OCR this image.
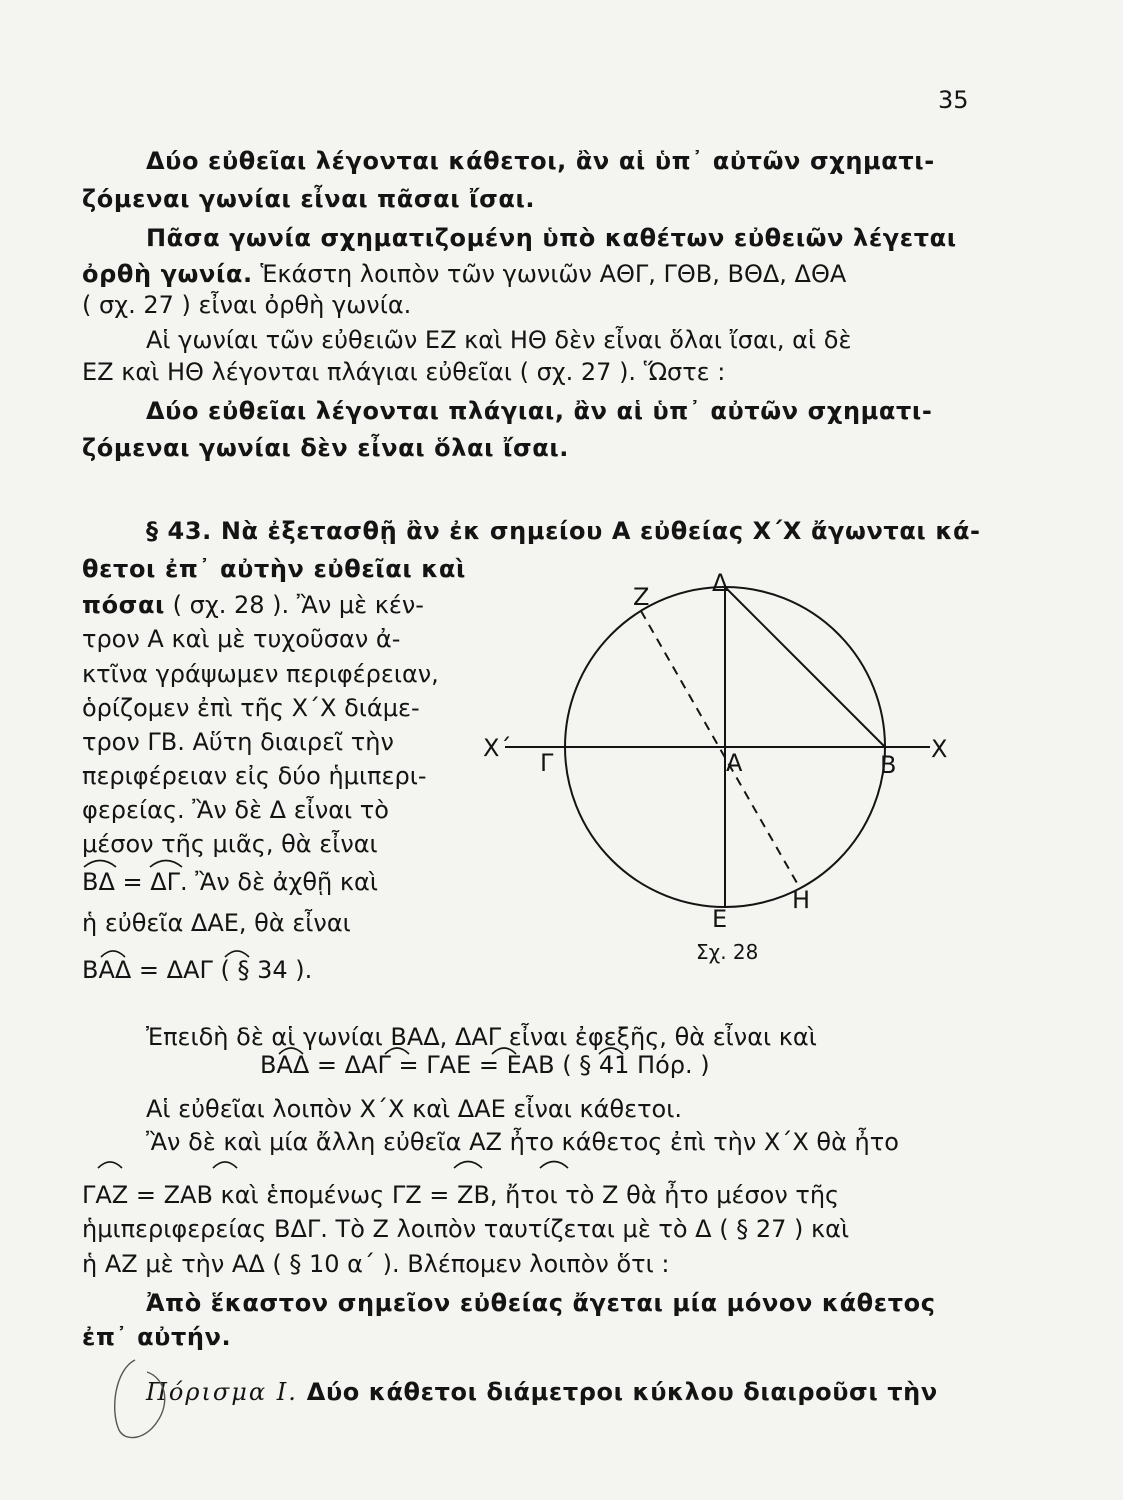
35
Δύο εὐθεῖαι λέγονται κάθετοι, ἂν αἱ ὑπ᾽ αὐτῶν σχηματι-
ζόμεναι γωνίαι εἶναι πᾶσαι ἴσαι.
Πᾶσα γωνία σχηματιζομένη ὑπὸ καθέτων εὐθειῶν λέγεται
ὀρθὴ γωνία. Ἑκάστη λοιπὸν τῶν γωνιῶν ΑΘΓ, ΓΘΒ, ΒΘΔ, ΔΘΑ
( σχ. 27 ) εἶναι ὀρθὴ γωνία.
Αἱ γωνίαι τῶν εὐθειῶν ΕΖ καὶ ΗΘ δὲν εἶναι ὅλαι ἴσαι, αἱ δὲ
ΕΖ καὶ ΗΘ λέγονται πλάγιαι εὐθεῖαι ( σχ. 27 ). Ὥστε :
Δύο εὐθεῖαι λέγονται πλάγιαι, ἂν αἱ ὑπ᾽ αὐτῶν σχηματι-
ζόμεναι γωνίαι δὲν εἶναι ὅλαι ἴσαι.
§ 43. Νὰ ἐξετασθῇ ἂν ἐκ σημείου Α εὐθείας Χ΄Χ ἄγωνται κά-
θετοι ἐπ᾽ αὐτὴν εὐθεῖαι καὶ
πόσαι ( σχ. 28 ). Ἂν μὲ κέν-
τρον Α καὶ μὲ τυχοῦσαν ἀ-
κτῖνα γράψωμεν περιφέρειαν,
ὁρίζομεν ἐπὶ τῆς Χ΄Χ διάμε-
τρον ΓΒ. Αὕτη διαιρεῖ τὴν
περιφέρειαν εἰς δύο ἡμιπερι-
φερείας. Ἂν δὲ Δ εἶναι τὸ
μέσον τῆς μιᾶς, θὰ εἶναι
ΒΔ = ΔΓ. Ἂν δὲ ἀχθῇ καὶ
ἡ εὐθεῖα ΔΑΕ, θὰ εἶναι
ΒΑΔ = ΔΑΓ ( § 34 ).
Ζ	Δ
Χ΄
Γ	Α	Β
Χ
Η
Ε
Σχ. 28
Ἐπειδὴ δὲ αἱ γωνίαι ΒΑΔ, ΔΑΓ εἶναι ἐφεξῆς, θὰ εἶναι καὶ
ΒΑΔ = ΔΑΓ = ΓΑΕ = ΕΑΒ ( § 41 Πόρ. )
Αἱ εὐθεῖαι λοιπὸν Χ΄Χ καὶ ΔΑΕ εἶναι κάθετοι.
Ἂν δὲ καὶ μία ἄλλη εὐθεῖα ΑΖ ἦτο κάθετος ἐπὶ τὴν Χ΄Χ θὰ ἦτο
ΓΑΖ = ΖΑΒ καὶ ἑπομένως ΓΖ = ΖΒ, ἤτοι τὸ Ζ θὰ ἦτο μέσον τῆς
ἡμιπεριφερείας ΒΔΓ. Τὸ Ζ λοιπὸν ταυτίζεται μὲ τὸ Δ ( § 27 ) καὶ
ἡ ΑΖ μὲ τὴν ΑΔ ( § 10 α΄ ). Βλέπομεν λοιπὸν ὅτι :
Ἀπὸ ἕκαστον σημεῖον εὐθείας ἄγεται μία μόνον κάθετος
ἐπ᾽ αὐτήν.
Πόρισμα Ι. Δύο κάθετοι διάμετροι κύκλου διαιροῦσι τὴν
